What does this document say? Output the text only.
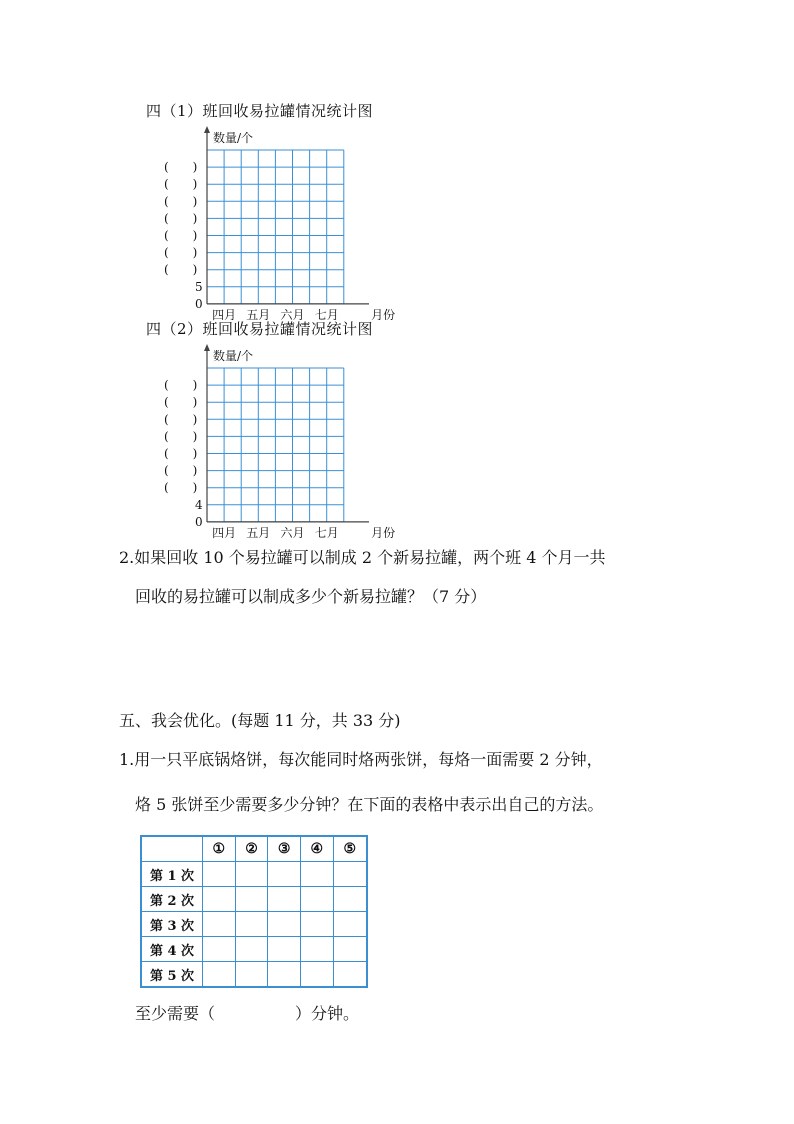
四（1）班回收易拉罐情况统计图
数量/个
(　　)
(　　)
(　　)
(　　)
(　　)
(　　)
(　　)
5
0
四月 五月 六月 七月	月份
四（2）班回收易拉罐情况统计图
数量/个
(　　)
(　　)
(　　)
(　　)
(　　)
(　　)
(　　)
4
0
四月 五月 六月 七月	月份
2.如果回收 10 个易拉罐可以制成 2 个新易拉罐，两个班 4 个月一共
回收的易拉罐可以制成多少个新易拉罐？（7 分）
五、我会优化。(每题 11 分，共 33 分)
1.用一只平底锅烙饼，每次能同时烙两张饼，每烙一面需要 2 分钟，
烙 5 张饼至少需要多少分钟？在下面的表格中表示出自己的方法。
	①	②	③	④	⑤
第 1 次					
第 2 次					
第 3 次					
第 4 次					
第 5 次					
至少需要（　　　　　）分钟。
